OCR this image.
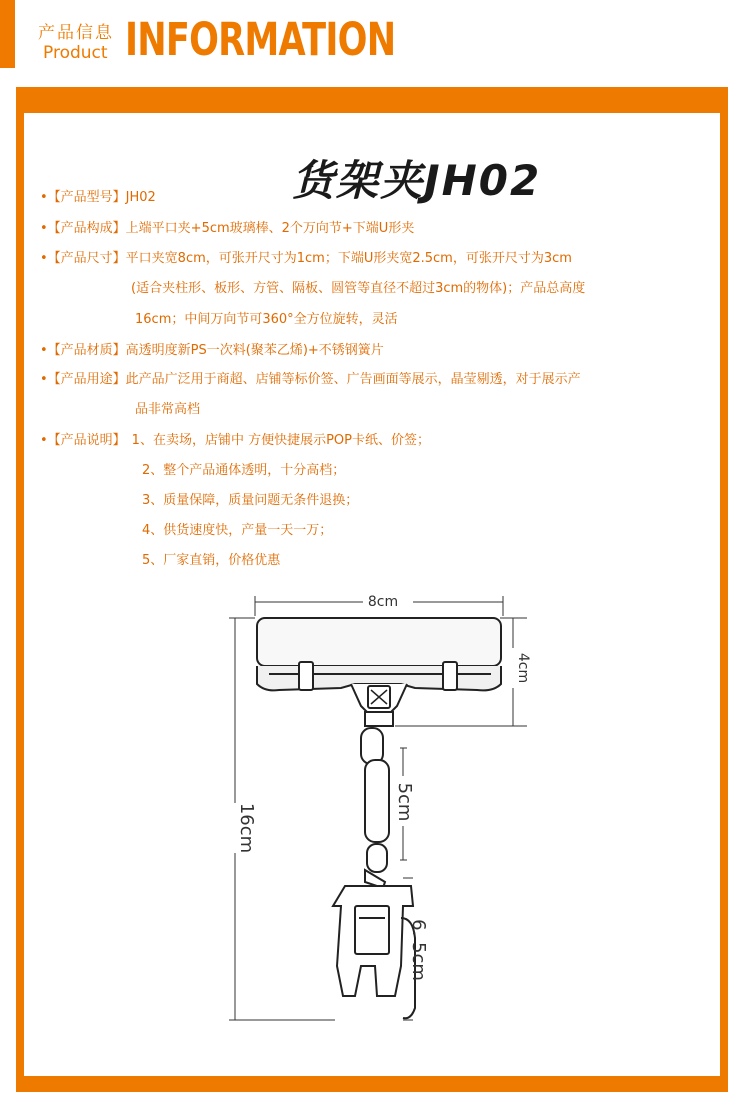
产品信息
Product INFORMATION
货架夹JH02
•【产品型号】JH02
•【产品构成】上端平口夹+5cm玻璃棒、2个万向节+下端U形夹
•【产品尺寸】平口夹宽8cm，可张开尺寸为1cm；下端U形夹宽2.5cm，可张开尺寸为3cm
(适合夹柱形、板形、方管、隔板、圆管等直径不超过3cm的物体)；产品总高度
16cm；中间万向节可360°全方位旋转，灵活
•【产品材质】高透明度新PS一次料(聚苯乙烯)+不锈钢簧片
•【产品用途】此产品广泛用于商超、店铺等标价签、广告画面等展示，晶莹剔透，对于展示产
品非常高档
•【产品说明】 1、在卖场，店铺中 方便快捷展示POP卡纸、价签；
2、整个产品通体透明，十分高档；
3、质量保障，质量问题无条件退换；
4、供货速度快，产量一天一万；
5、厂家直销，价格优惠
8cm
4cm
5cm
16cm
6. 5cm
